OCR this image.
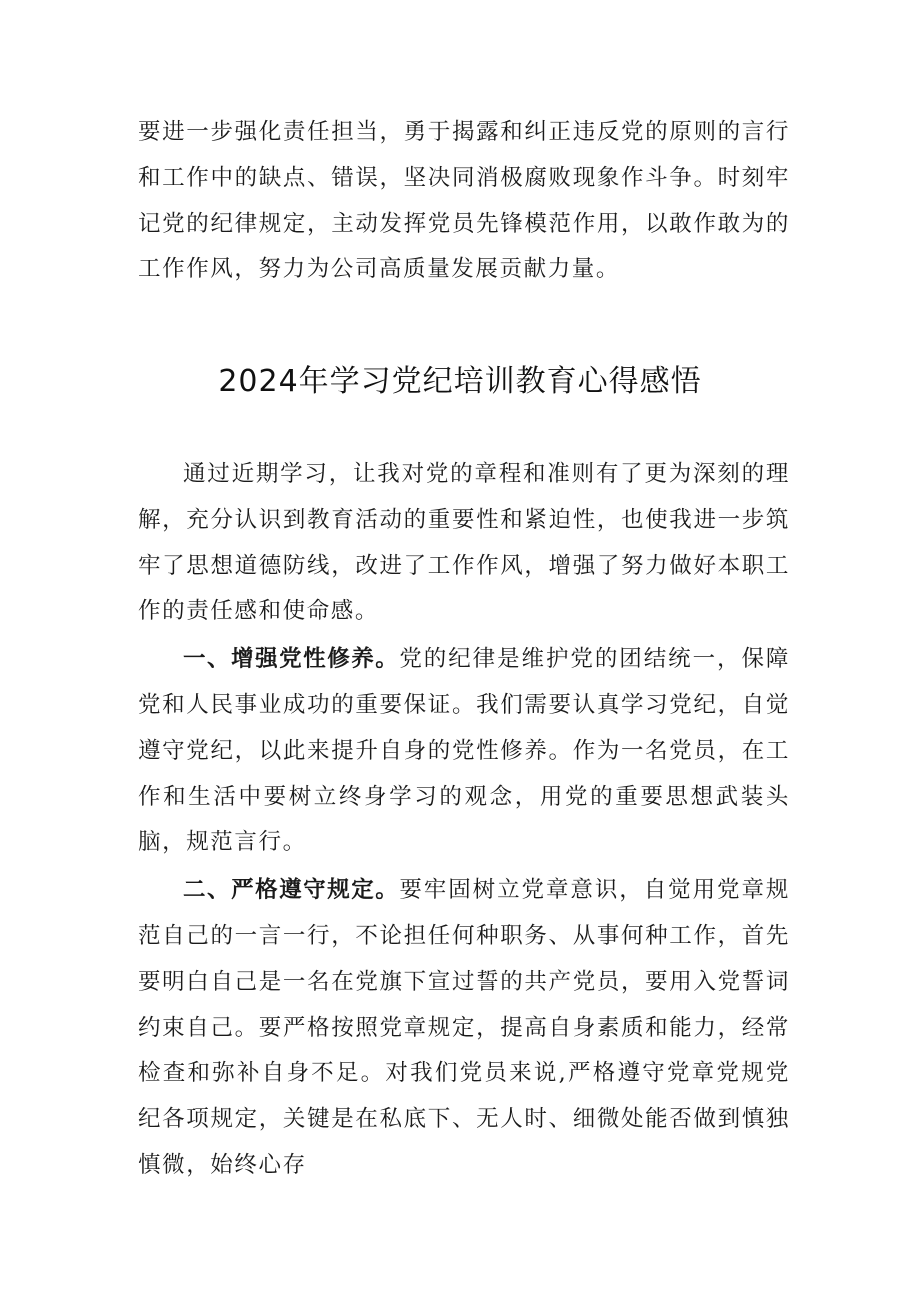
要进一步强化责任担当，勇于揭露和纠正违反党的原则的言行和工作中的缺点、错误，坚决同消极腐败现象作斗争。时刻牢记党的纪律规定，主动发挥党员先锋模范作用，以敢作敢为的工作作风，努力为公司高质量发展贡献力量。

2024年学习党纪培训教育心得感悟

通过近期学习，让我对党的章程和准则有了更为深刻的理解，充分认识到教育活动的重要性和紧迫性，也使我进一步筑牢了思想道德防线，改进了工作作风，增强了努力做好本职工作的责任感和使命感。

一、增强党性修养。党的纪律是维护党的团结统一，保障党和人民事业成功的重要保证。我们需要认真学习党纪，自觉遵守党纪，以此来提升自身的党性修养。作为一名党员，在工作和生活中要树立终身学习的观念，用党的重要思想武装头脑，规范言行。

二、严格遵守规定。要牢固树立党章意识，自觉用党章规范自己的一言一行，不论担任何种职务、从事何种工作，首先要明白自己是一名在党旗下宣过誓的共产党员，要用入党誓词约束自己。要严格按照党章规定，提高自身素质和能力，经常检查和弥补自身不足。对我们党员来说,严格遵守党章党规党纪各项规定，关键是在私底下、无人时、细微处能否做到慎独慎微，始终心存
